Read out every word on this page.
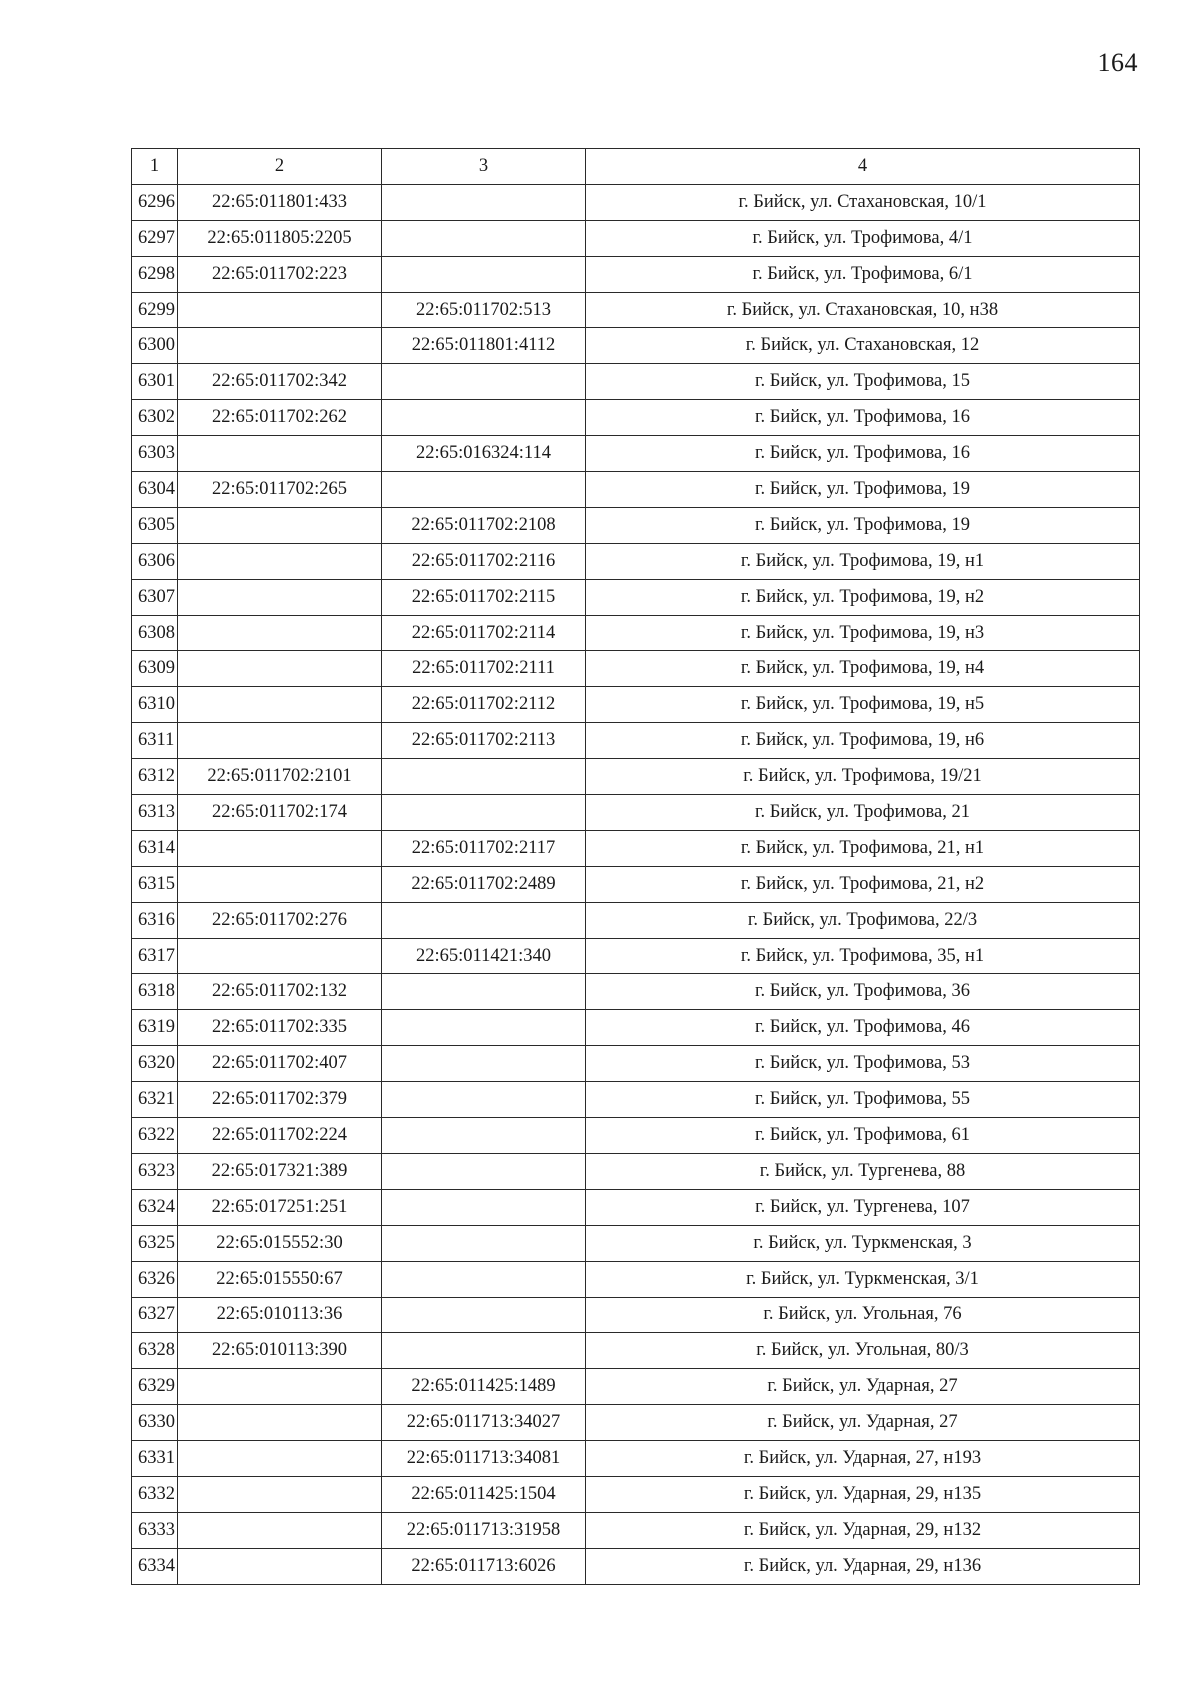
164
1	2	3	4
6296	22:65:011801:433		г. Бийск, ул. Стахановская, 10/1
6297	22:65:011805:2205		г. Бийск, ул. Трофимова, 4/1
6298	22:65:011702:223		г. Бийск, ул. Трофимова, 6/1
6299		22:65:011702:513	г. Бийск, ул. Стахановская, 10, н38
6300		22:65:011801:4112	г. Бийск, ул. Стахановская, 12
6301	22:65:011702:342		г. Бийск, ул. Трофимова, 15
6302	22:65:011702:262		г. Бийск, ул. Трофимова, 16
6303		22:65:016324:114	г. Бийск, ул. Трофимова, 16
6304	22:65:011702:265		г. Бийск, ул. Трофимова, 19
6305		22:65:011702:2108	г. Бийск, ул. Трофимова, 19
6306		22:65:011702:2116	г. Бийск, ул. Трофимова, 19, н1
6307		22:65:011702:2115	г. Бийск, ул. Трофимова, 19, н2
6308		22:65:011702:2114	г. Бийск, ул. Трофимова, 19, н3
6309		22:65:011702:2111	г. Бийск, ул. Трофимова, 19, н4
6310		22:65:011702:2112	г. Бийск, ул. Трофимова, 19, н5
6311		22:65:011702:2113	г. Бийск, ул. Трофимова, 19, н6
6312	22:65:011702:2101		г. Бийск, ул. Трофимова, 19/21
6313	22:65:011702:174		г. Бийск, ул. Трофимова, 21
6314		22:65:011702:2117	г. Бийск, ул. Трофимова, 21, н1
6315		22:65:011702:2489	г. Бийск, ул. Трофимова, 21, н2
6316	22:65:011702:276		г. Бийск, ул. Трофимова, 22/3
6317		22:65:011421:340	г. Бийск, ул. Трофимова, 35, н1
6318	22:65:011702:132		г. Бийск, ул. Трофимова, 36
6319	22:65:011702:335		г. Бийск, ул. Трофимова, 46
6320	22:65:011702:407		г. Бийск, ул. Трофимова, 53
6321	22:65:011702:379		г. Бийск, ул. Трофимова, 55
6322	22:65:011702:224		г. Бийск, ул. Трофимова, 61
6323	22:65:017321:389		г. Бийск, ул. Тургенева, 88
6324	22:65:017251:251		г. Бийск, ул. Тургенева, 107
6325	22:65:015552:30		г. Бийск, ул. Туркменская, 3
6326	22:65:015550:67		г. Бийск, ул. Туркменская, 3/1
6327	22:65:010113:36		г. Бийск, ул. Угольная, 76
6328	22:65:010113:390		г. Бийск, ул. Угольная, 80/3
6329		22:65:011425:1489	г. Бийск, ул. Ударная, 27
6330		22:65:011713:34027	г. Бийск, ул. Ударная, 27
6331		22:65:011713:34081	г. Бийск, ул. Ударная, 27, н193
6332		22:65:011425:1504	г. Бийск, ул. Ударная, 29, н135
6333		22:65:011713:31958	г. Бийск, ул. Ударная, 29, н132
6334		22:65:011713:6026	г. Бийск, ул. Ударная, 29, н136
